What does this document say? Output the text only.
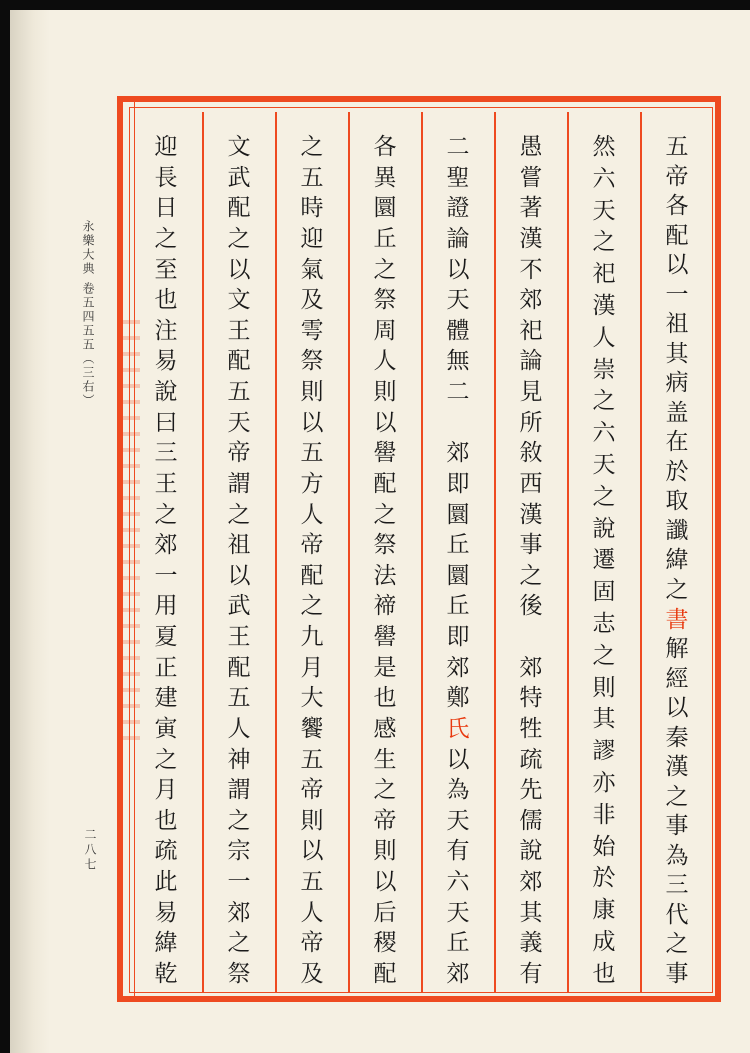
永樂大典 卷五四五五（三右）
二八七
五
帝
各
配
以
一
祖
其
病
盖
在
於
取
讖
緯
之
書
解
經
以
秦
漢
之
事
為
三
代
之
事
然
六
天
之
祀
漢
人
崇
之
六
天
之
說
遷
固
志
之
則
其
謬
亦
非
始
於
康
成
也
愚
嘗
著
漢
不
郊
祀
論
見
所
敘
西
漢
事
之
後
郊
特
牲
疏
先
儒
說
郊
其
義
有
二
聖
證
論
以
天
體
無
二
郊
即
圜
丘
圜
丘
即
郊
鄭
氏
以
為
天
有
六
天
丘
郊
各
異
圜
丘
之
祭
周
人
則
以
嚳
配
之
祭
法
禘
嚳
是
也
感
生
之
帝
則
以
后
稷
配
之
五
時
迎
氣
及
雩
祭
則
以
五
方
人
帝
配
之
九
月
大
饗
五
帝
則
以
五
人
帝
及
文
武
配
之
以
文
王
配
五
天
帝
謂
之
祖
以
武
王
配
五
人
神
謂
之
宗
一
郊
之
祭
迎
長
日
之
至
也
注
易
說
曰
三
王
之
郊
一
用
夏
正
建
寅
之
月
也
疏
此
易
緯
乾
